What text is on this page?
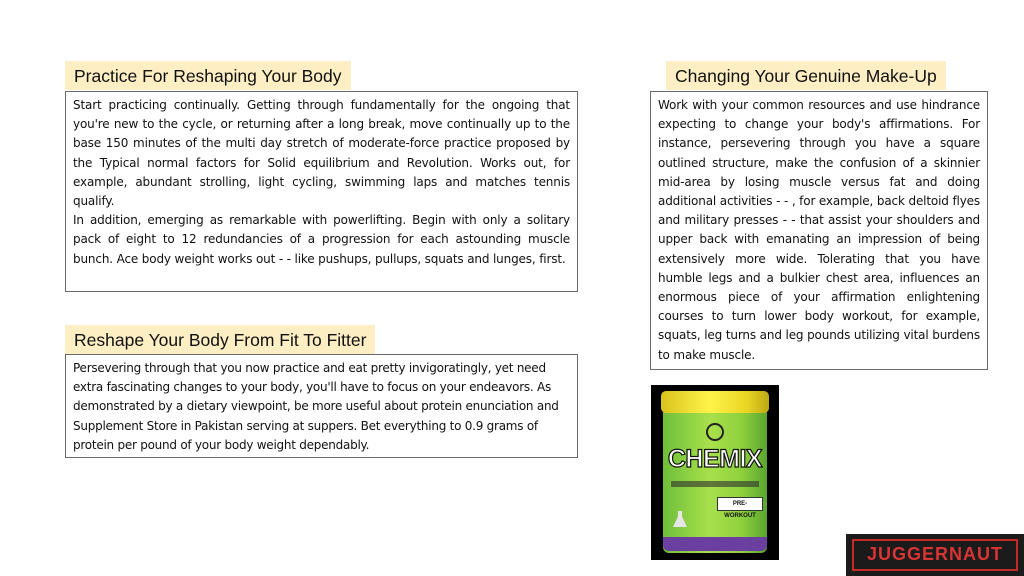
Practice For Reshaping Your Body

Start practicing continually. Getting through fundamentally for the ongoing that you're new to the cycle, or returning after a long break, move continually up to the base 150 minutes of the multi day stretch of moderate-force practice proposed by the Typical normal factors for Solid equilibrium and Revolution. Works out, for example, abundant strolling, light cycling, swimming laps and matches tennis qualify.

In addition, emerging as remarkable with powerlifting. Begin with only a solitary pack of eight to 12 redundancies of a progression for each astounding muscle bunch. Ace body weight works out - - like pushups, pullups, squats and lunges, first.

Changing Your Genuine Make-Up

Work with your common resources and use hindrance expecting to change your body's affirmations. For instance, persevering through you have a square outlined structure, make the confusion of a skinnier mid-area by losing muscle versus fat and doing additional activities - - , for example, back deltoid flyes and military presses - - that assist your shoulders and upper back with emanating an impression of being extensively more wide. Tolerating that you have humble legs and a bulkier chest area, influences an enormous piece of your affirmation enlightening courses to turn lower body workout, for example, squats, leg turns and leg pounds utilizing vital burdens to make muscle.

Reshape Your Body From Fit To Fitter

Persevering through that you now practice and eat pretty invigoratingly, yet need extra fascinating changes to your body, you'll have to focus on your endeavors. As demonstrated by a dietary viewpoint, be more useful about protein enunciation and Supplement Store in Pakistan serving at suppers. Bet everything to 0.9 grams of protein per pound of your body weight dependably.

CHEMIX
PRE-WORKOUT
JUGGERNAUT
